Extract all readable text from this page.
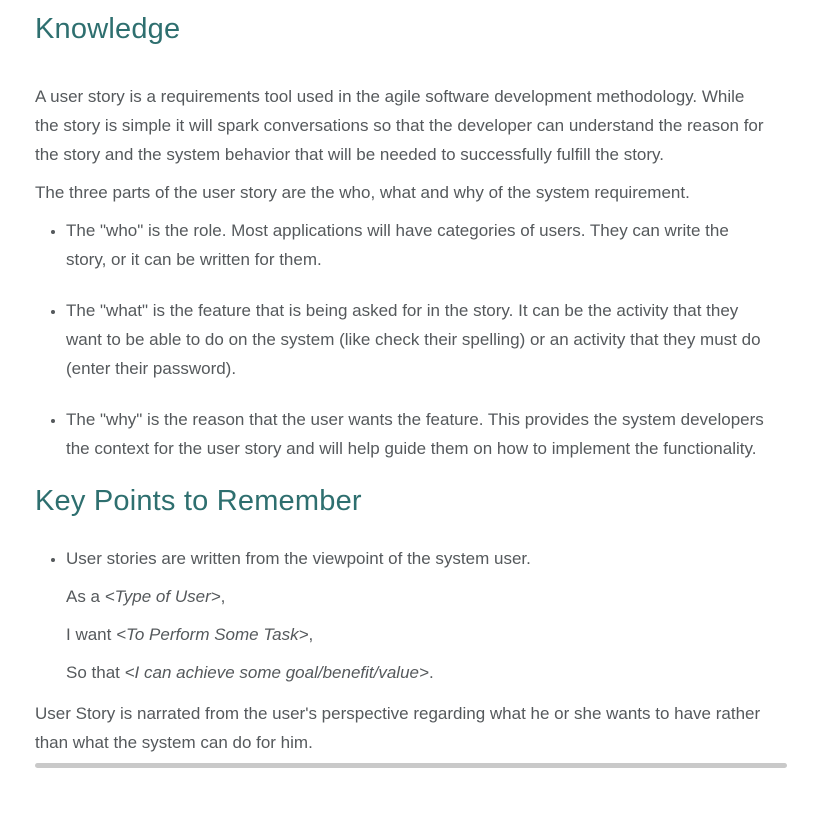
Knowledge

A user story is a requirements tool used in the agile software development methodology. While the story is simple it will spark conversations so that the developer can understand the reason for the story and the system behavior that will be needed to successfully fulfill the story.

The three parts of the user story are the who, what and why of the system requirement.

• The "who" is the role. Most applications will have categories of users. They can write the story, or it can be written for them.
• The "what" is the feature that is being asked for in the story. It can be the activity that they want to be able to do on the system (like check their spelling) or an activity that they must do (enter their password).
• The "why" is the reason that the user wants the feature. This provides the system developers the context for the user story and will help guide them on how to implement the functionality.
Key Points to Remember

• User stories are written from the viewpoint of the system user.

As a <Type of User>,

I want <To Perform Some Task>,

So that <I can achieve some goal/benefit/value>.

User Story is narrated from the user's perspective regarding what he or she wants to have rather than what the system can do for him.
